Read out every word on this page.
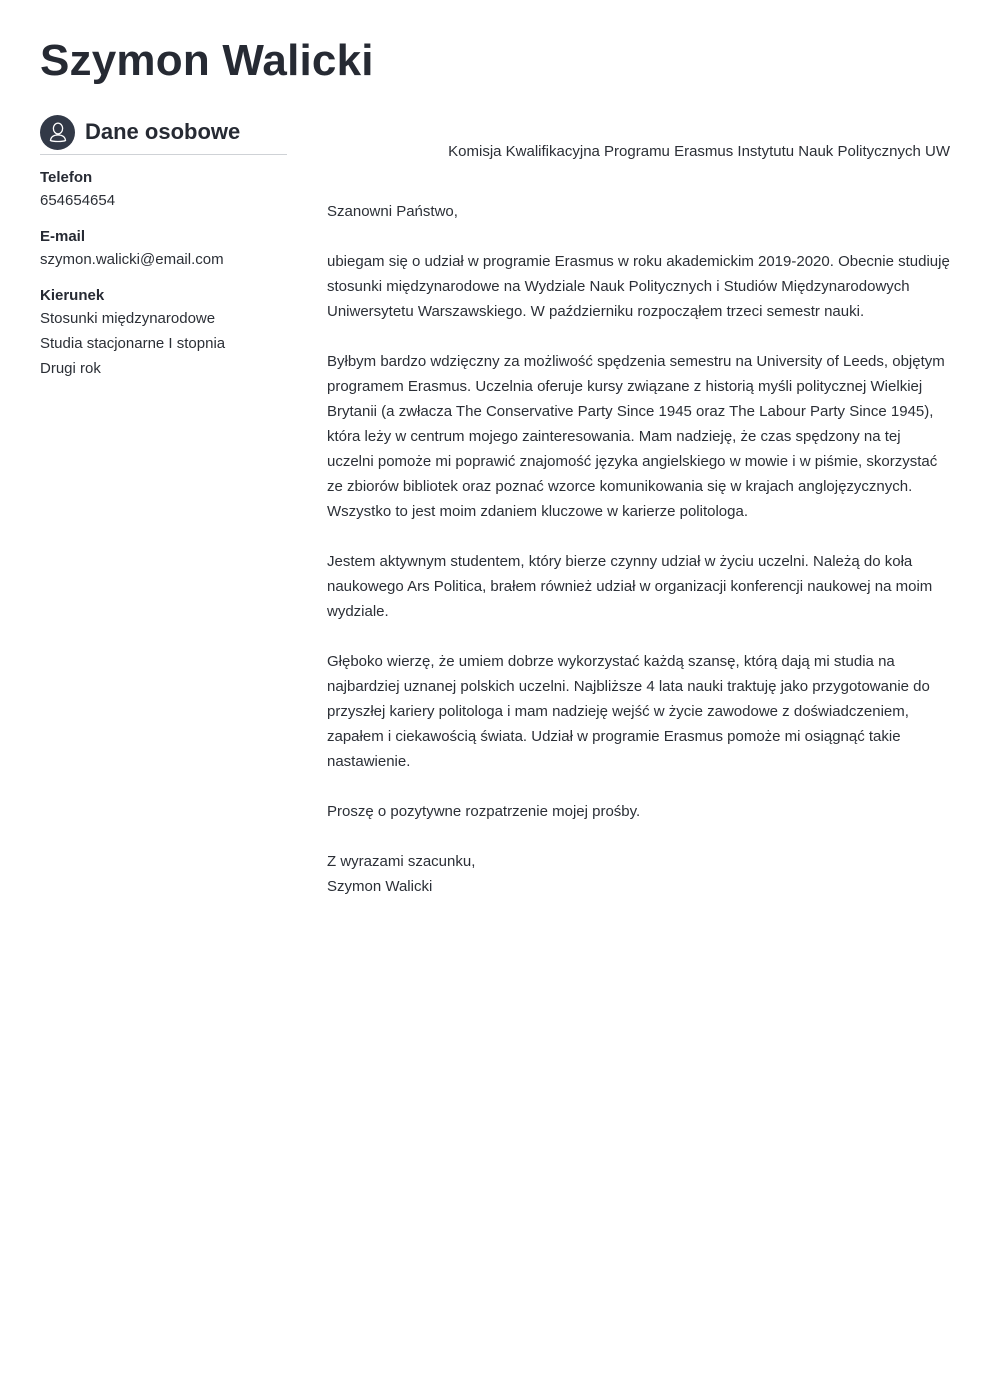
Szymon Walicki
Dane osobowe
Telefon
654654654
E-mail
szymon.walicki@email.com
Kierunek
Stosunki międzynarodowe
Studia stacjonarne I stopnia
Drugi rok

Komisja Kwalifikacyjna Programu Erasmus Instytutu Nauk Politycznych UW

Szanowni Państwo,

ubiegam się o udział w programie Erasmus w roku akademickim 2019-2020. Obecnie studiuję stosunki międzynarodowe na Wydziale Nauk Politycznych i Studiów Międzynarodowych Uniwersytetu Warszawskiego. W październiku rozpocząłem trzeci semestr nauki.

Byłbym bardzo wdzięczny za możliwość spędzenia semestru na University of Leeds, objętym programem Erasmus. Uczelnia oferuje kursy związane z historią myśli politycznej Wielkiej Brytanii (a zwłacza The Conservative Party Since 1945 oraz The Labour Party Since 1945), która leży w centrum mojego zainteresowania. Mam nadzieję, że czas spędzony na tej uczelni pomoże mi poprawić znajomość języka angielskiego w mowie i w piśmie, skorzystać ze zbiorów bibliotek oraz poznać wzorce komunikowania się w krajach anglojęzycznych. Wszystko to jest moim zdaniem kluczowe w karierze politologa.

Jestem aktywnym studentem, który bierze czynny udział w życiu uczelni. Należą do koła naukowego Ars Politica, brałem również udział w organizacji konferencji naukowej na moim wydziale.

Głęboko wierzę, że umiem dobrze wykorzystać każdą szansę, którą dają mi studia na najbardziej uznanej polskich uczelni. Najbliższe 4 lata nauki traktuję jako przygotowanie do przyszłej kariery politologa i mam nadzieję wejść w życie zawodowe z doświadczeniem, zapałem i ciekawością świata. Udział w programie Erasmus pomoże mi osiągnąć takie nastawienie.

Proszę o pozytywne rozpatrzenie mojej prośby.

Z wyrazami szacunku,
Szymon Walicki
